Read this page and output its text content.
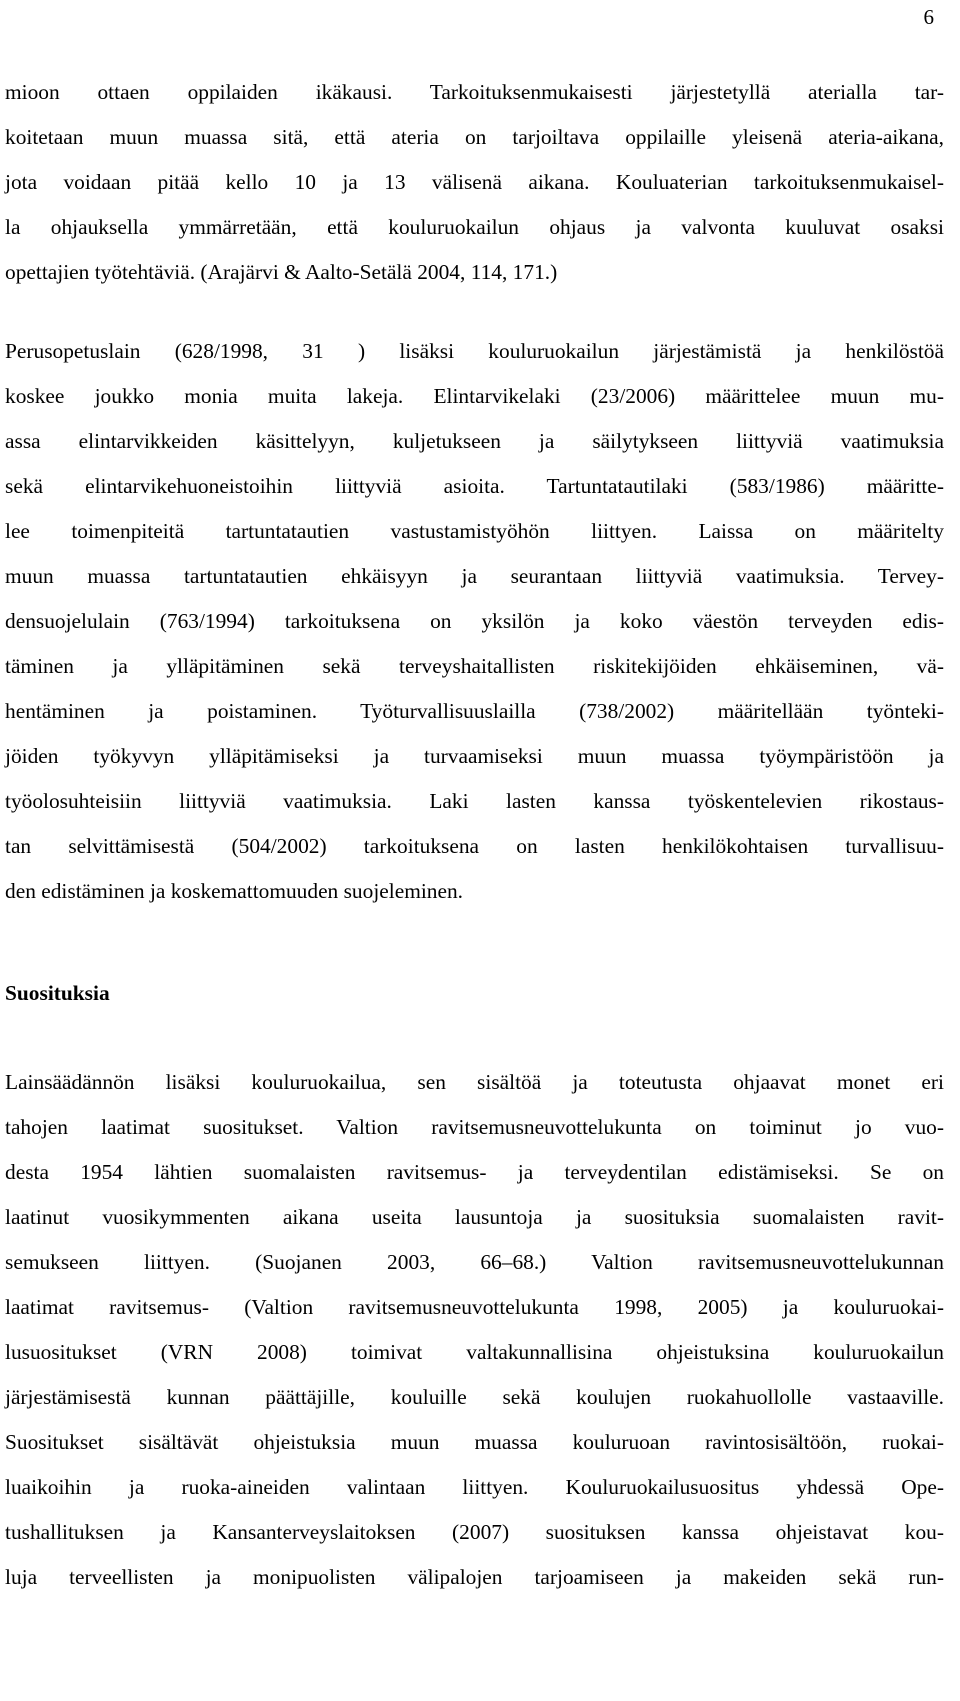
6
mioon ottaen oppilaiden ikäkausi. Tarkoituksenmukaisesti järjestetyllä aterialla tar-
koitetaan muun muassa sitä, että ateria on tarjoiltava oppilaille yleisenä ateria-aikana,
jota voidaan pitää kello 10 ja 13 välisenä aikana. Kouluaterian tarkoituksenmukaisel-
la ohjauksella ymmärretään, että kouluruokailun ohjaus ja valvonta kuuluvat osaksi
opettajien työtehtäviä. (Arajärvi & Aalto-Setälä 2004, 114, 171.)
Perusopetuslain (628/1998, 31 ) lisäksi kouluruokailun järjestämistä ja henkilöstöä
koskee joukko monia muita lakeja. Elintarvikelaki (23/2006) määrittelee muun mu-
assa elintarvikkeiden käsittelyyn, kuljetukseen ja säilytykseen liittyviä vaatimuksia
sekä elintarvikehuoneistoihin liittyviä asioita. Tartuntatautilaki (583/1986) määritte-
lee toimenpiteitä tartuntatautien vastustamistyöhön liittyen. Laissa on määritelty
muun muassa tartuntatautien ehkäisyyn ja seurantaan liittyviä vaatimuksia. Tervey-
densuojelulain (763/1994) tarkoituksena on yksilön ja koko väestön terveyden edis-
täminen ja ylläpitäminen sekä terveyshaitallisten riskitekijöiden ehkäiseminen, vä-
hentäminen ja poistaminen. Työturvallisuuslailla (738/2002) määritellään työnteki-
jöiden työkyvyn ylläpitämiseksi ja turvaamiseksi muun muassa työympäristöön ja
työolosuhteisiin liittyviä vaatimuksia. Laki lasten kanssa työskentelevien rikostaus-
tan selvittämisestä (504/2002) tarkoituksena on lasten henkilökohtaisen turvallisuu-
den edistäminen ja koskemattomuuden suojeleminen.
Suosituksia
Lainsäädännön lisäksi kouluruokailua, sen sisältöä ja toteutusta ohjaavat monet eri
tahojen laatimat suositukset. Valtion ravitsemusneuvottelukunta on toiminut jo vuo-
desta 1954 lähtien suomalaisten ravitsemus- ja terveydentilan edistämiseksi. Se on
laatinut vuosikymmenten aikana useita lausuntoja ja suosituksia suomalaisten ravit-
semukseen liittyen. (Suojanen 2003, 66–68.) Valtion ravitsemusneuvottelukunnan
laatimat ravitsemus- (Valtion ravitsemusneuvottelukunta 1998, 2005) ja kouluruokai-
lusuositukset (VRN 2008) toimivat valtakunnallisina ohjeistuksina kouluruokailun
järjestämisestä kunnan päättäjille, kouluille sekä koulujen ruokahuollolle vastaaville.
Suositukset sisältävät ohjeistuksia muun muassa kouluruoan ravintosisältöön, ruokai-
luaikoihin ja ruoka-aineiden valintaan liittyen. Kouluruokailusuositus yhdessä Ope-
tushallituksen ja Kansanterveyslaitoksen (2007) suosituksen kanssa ohjeistavat kou-
luja terveellisten ja monipuolisten välipalojen tarjoamiseen ja makeiden sekä run-
